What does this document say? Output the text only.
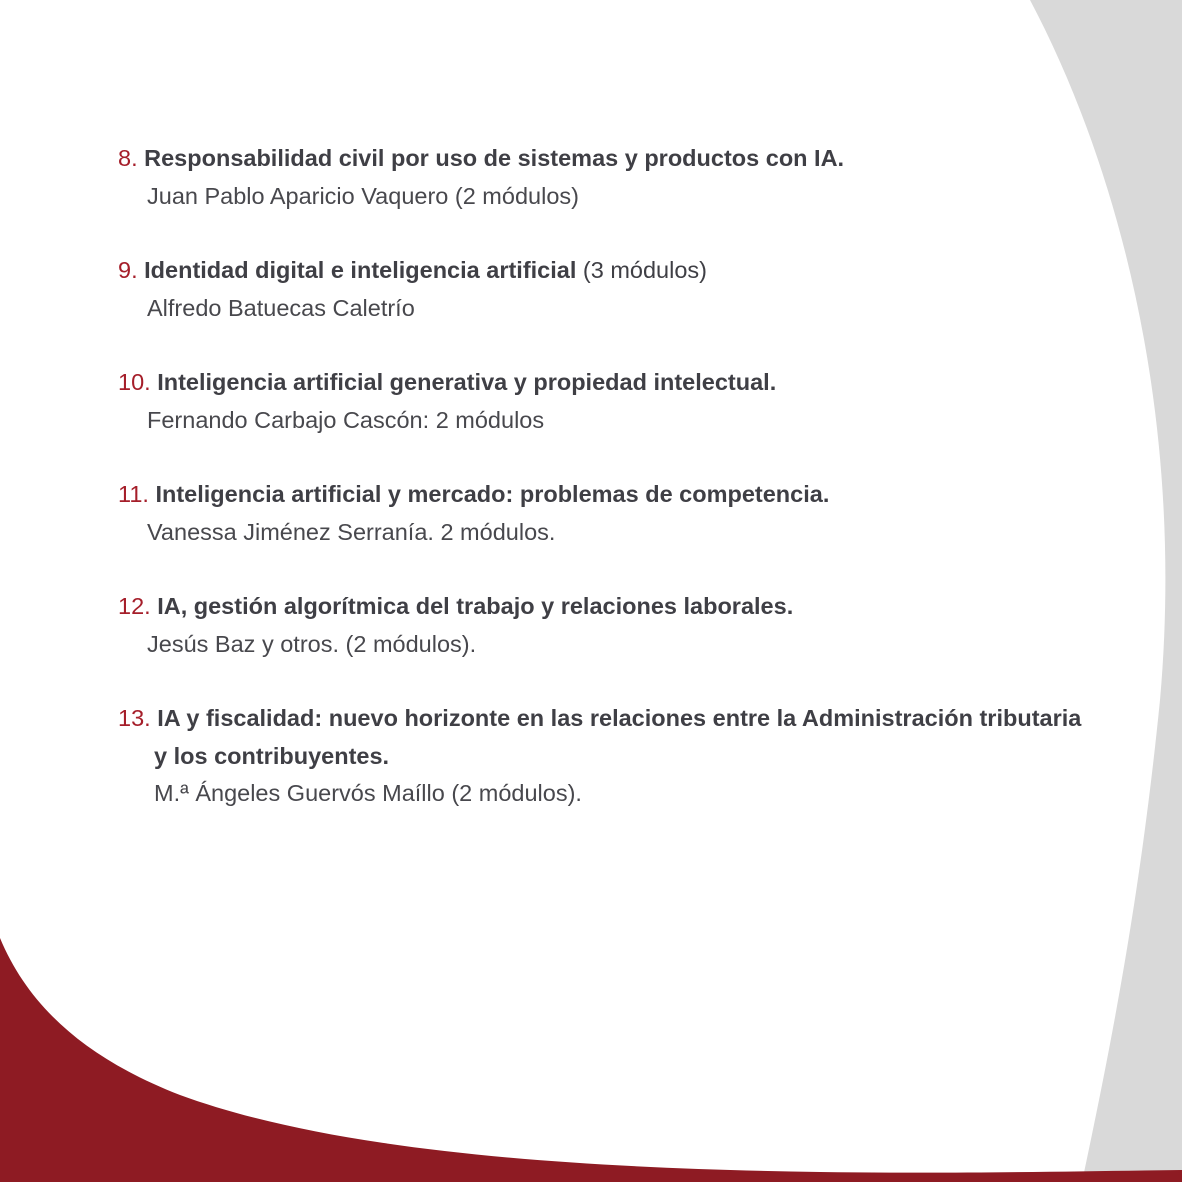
8. Responsabilidad civil por uso de sistemas y productos con IA.
Juan Pablo Aparicio Vaquero (2 módulos)
9. Identidad digital e inteligencia artificial (3 módulos)
Alfredo Batuecas Caletrío
10. Inteligencia artificial generativa y propiedad intelectual.
Fernando Carbajo Cascón: 2 módulos
11. Inteligencia artificial y mercado: problemas de competencia.
Vanessa Jiménez Serranía. 2 módulos.
12. IA, gestión algorítmica del trabajo y relaciones laborales.
Jesús Baz y otros. (2 módulos).
13. IA y fiscalidad: nuevo horizonte en las relaciones entre la Administración tributaria
y los contribuyentes.
M.ª Ángeles Guervós Maíllo (2 módulos).
